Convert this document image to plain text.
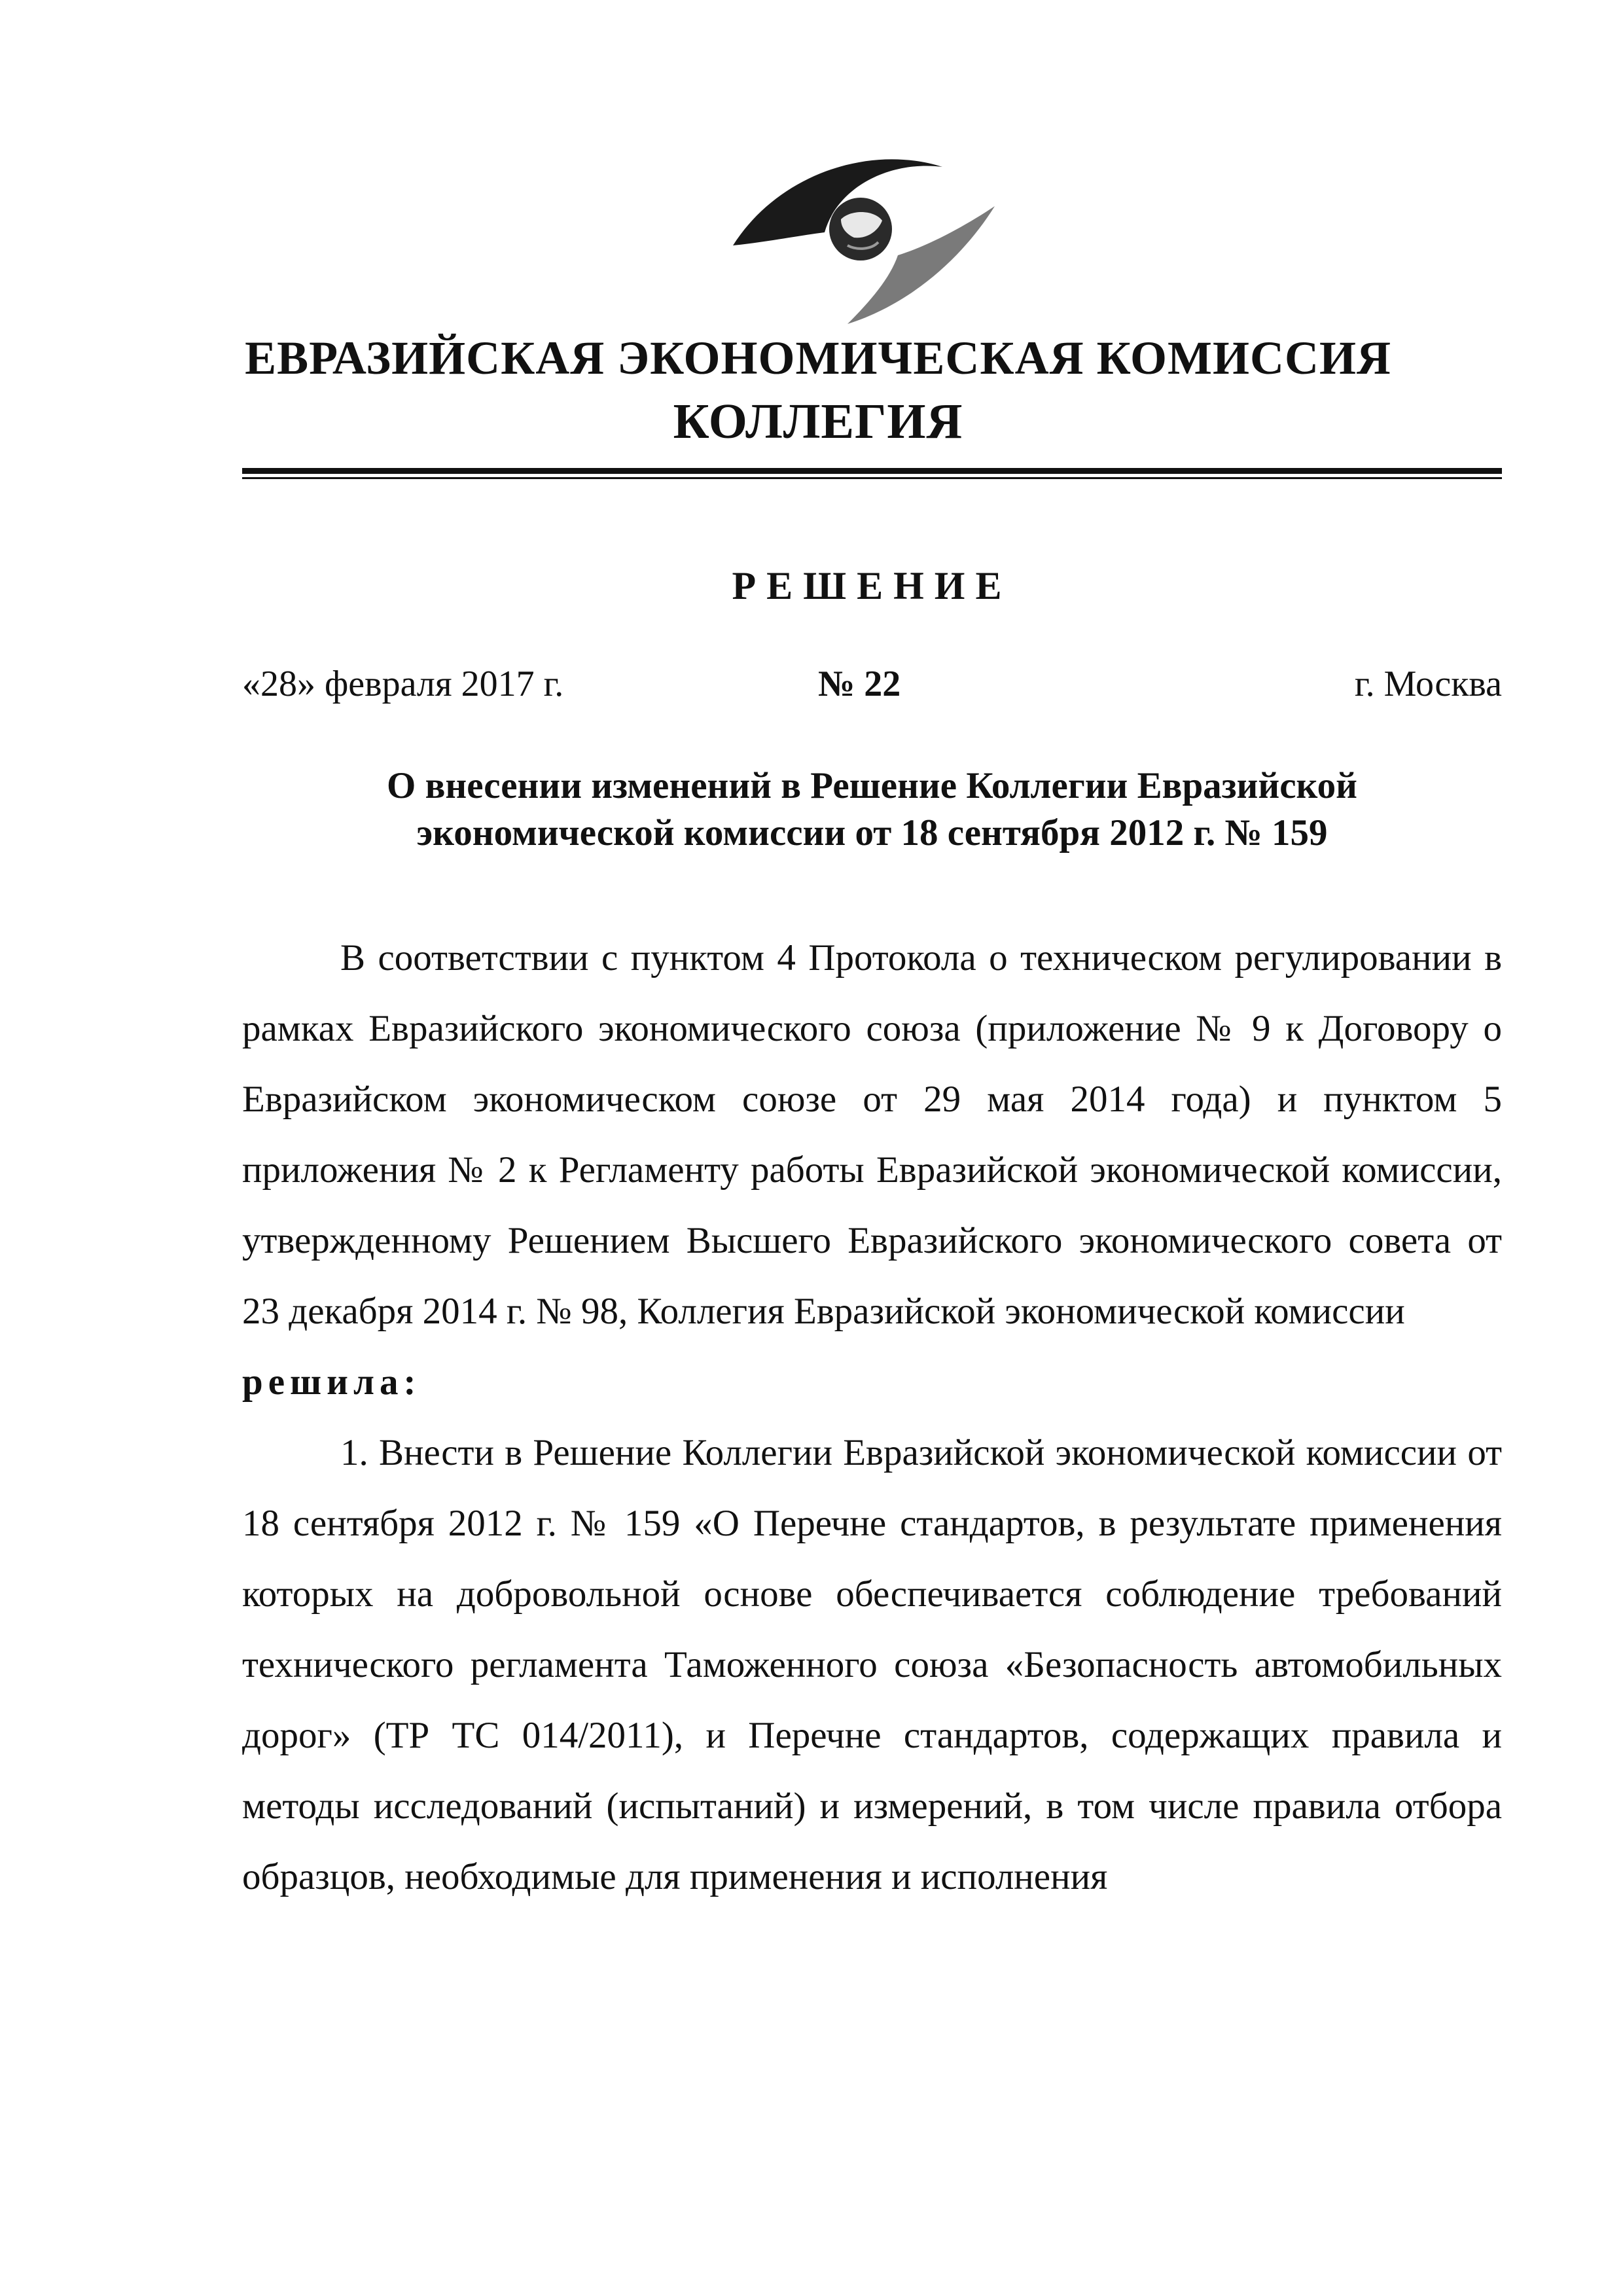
ЕВРАЗИЙСКАЯ ЭКОНОМИЧЕСКАЯ КОМИССИЯ
КОЛЛЕГИЯ
РЕШЕНИЕ
«28» февраля 2017 г.	№ 22	г. Москва
О внесении изменений в Решение Коллегии Евразийской
экономической комиссии от 18 сентября 2012 г. № 159

В соответствии с пунктом 4 Протокола о техническом регулировании в рамках Евразийского экономического союза (приложение № 9 к Договору о Евразийском экономическом союзе от 29 мая 2014 года) и пунктом 5 приложения № 2 к Регламенту работы Евразийской экономической комиссии, утвержденному Решением Высшего Евразийского экономического совета от 23 декабря 2014 г. № 98, Коллегия Евразийской экономической комиссии
решила:

1. Внести в Решение Коллегии Евразийской экономической комиссии от 18 сентября 2012 г. № 159 «О Перечне стандартов, в результате применения которых на добровольной основе обеспечивается соблюдение требований технического регламента Таможенного союза «Безопасность автомобильных дорог» (ТР ТС 014/2011), и Перечне стандартов, содержащих правила и методы исследований (испытаний) и измерений, в том числе правила отбора образцов, необходимые для применения и исполнения
